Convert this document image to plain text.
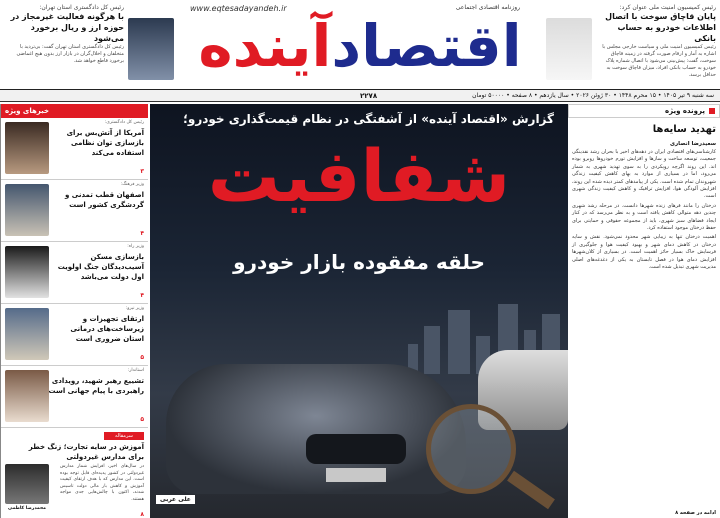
رئیس کمیسیون امنیت ملی عنوان کرد:
پایان قاچاق سوخت با اتصال اطلاعات خودرو به حساب بانکی
رئیس کمیسیون امنیت ملی و سیاست خارجی مجلس با اشاره به آمار و ارقام صورت گرفته در زمینه قاچاق سوخت، گفت: پیش‌بینی می‌شود با اتصال شماره پلاک خودرو به حساب بانکی افراد، میزان قاچاق سوخت به حداقل برسد.
روزنامه اقتصادی اجتماعی
www.eqtesadayandeh.ir
اقتصادآینده
رئیس کل دادگستری استان تهران:
با هرگونه فعالیت غیرمجاز در حوزه ارز و ریال برخورد می‌شود
رئیس کل دادگستری استان تهران گفت: بی‌تردید با متخلفان و اخلال‌گران در بازار ارز بدون هیچ اغماضی برخورد قاطع خواهد شد.
سه شنبه ۹ تیر ۱۴۰۵ • ۱۵ محرم ۱۴۴۸ • ۳۰ ژوئن ۲۰۲۶ • سال یازدهم • ۸ صفحه • ۵۰۰۰۰ تومان
۲۲۷۸
پرونده ویژه
تهدید سایه‌ها
سعیدرضا انصاری

کارشناسی‌های اقتصادی ایران در دهه‌های اخیر با بحران رشد نقدینگی جمعیت، توسعه ساخت و سازها و افزایش تورم خودروها روبرو بوده اند. این روند اگرچه رویکردی را به سوی تهدید شهری به شمار می‌رود، اما در بسیاری از موارد به بهای کاهش کیفیت زندگی شهروندان تمام شده است. یکی از پیامدهای کمتر دیده شده این روند، افزایش آلودگی هوا، افزایش ترافیک و کاهش کیفیت زندگی شهری است.

درختان را مانند فرهای زنده شهرها دانست. در مرحله رشد شهری چندین دهه متوالی کاهش یافته است و به نظر می‌رسد که در کنار ایجاد فضاهای سبز شهری، باید از مجموعه حقوقی و حمایتی برای حفظ درختان موجود استفاده کرد.

اهمیت درختان تنها به زیبایی شهر محدود نمی‌شود. نقش و سایه درختان در کاهش دمای شهر و بهبود کیفیت هوا و جلوگیری از فرسایش خاک بسیار حائز اهمیت است. در بسیاری از کلان‌شهرها افزایش دمای هوا در فصل تابستان به یکی از دغدغه‌های اصلی مدیریت شهری تبدیل شده است.

ادامه در صفحه ۸
گزارش «اقتصاد آینده» از آشفتگی در نظام قیمت‌گذاری خودرو؛
شفافیت
حلقه مفقوده بازار خودرو
علی عربی
خبرهای ویژه
رئیس کل دادگستری:
آمریکا از آتش‌بس برای بازسازی توان نظامی استفاده می‌کند
۳
وزیر فرهنگ:
اصفهان قطب تمدنی و گردشگری کشور است
۴
وزیر راه:
بازسازی مسکن آسیب‌دیدگان جنگ اولویت اول دولت می‌باشد
۴
وزیر نیرو:
ارتقای تجهیزات و زیرساخت‌های درمانی استان ضروری است
۵
استاندار:
تشییع رهبر شهید، رویدادی راهبردی با پیام جهانی است
۵
سرمقاله
آموزش در سایه تجارت؛ زنگ خطر برای مدارس غیردولتی
در سال‌های اخیر، افزایش شمار مدارس غیردولتی در کشور پدیده‌ای قابل توجه بوده است. این مدارس که با هدف ارتقای کیفیت آموزش و کاهش بار مالی دولت تاسیس شدند، اکنون با چالش‌هایی جدی مواجه هستند.
محمدرضا کاظمی
۸
